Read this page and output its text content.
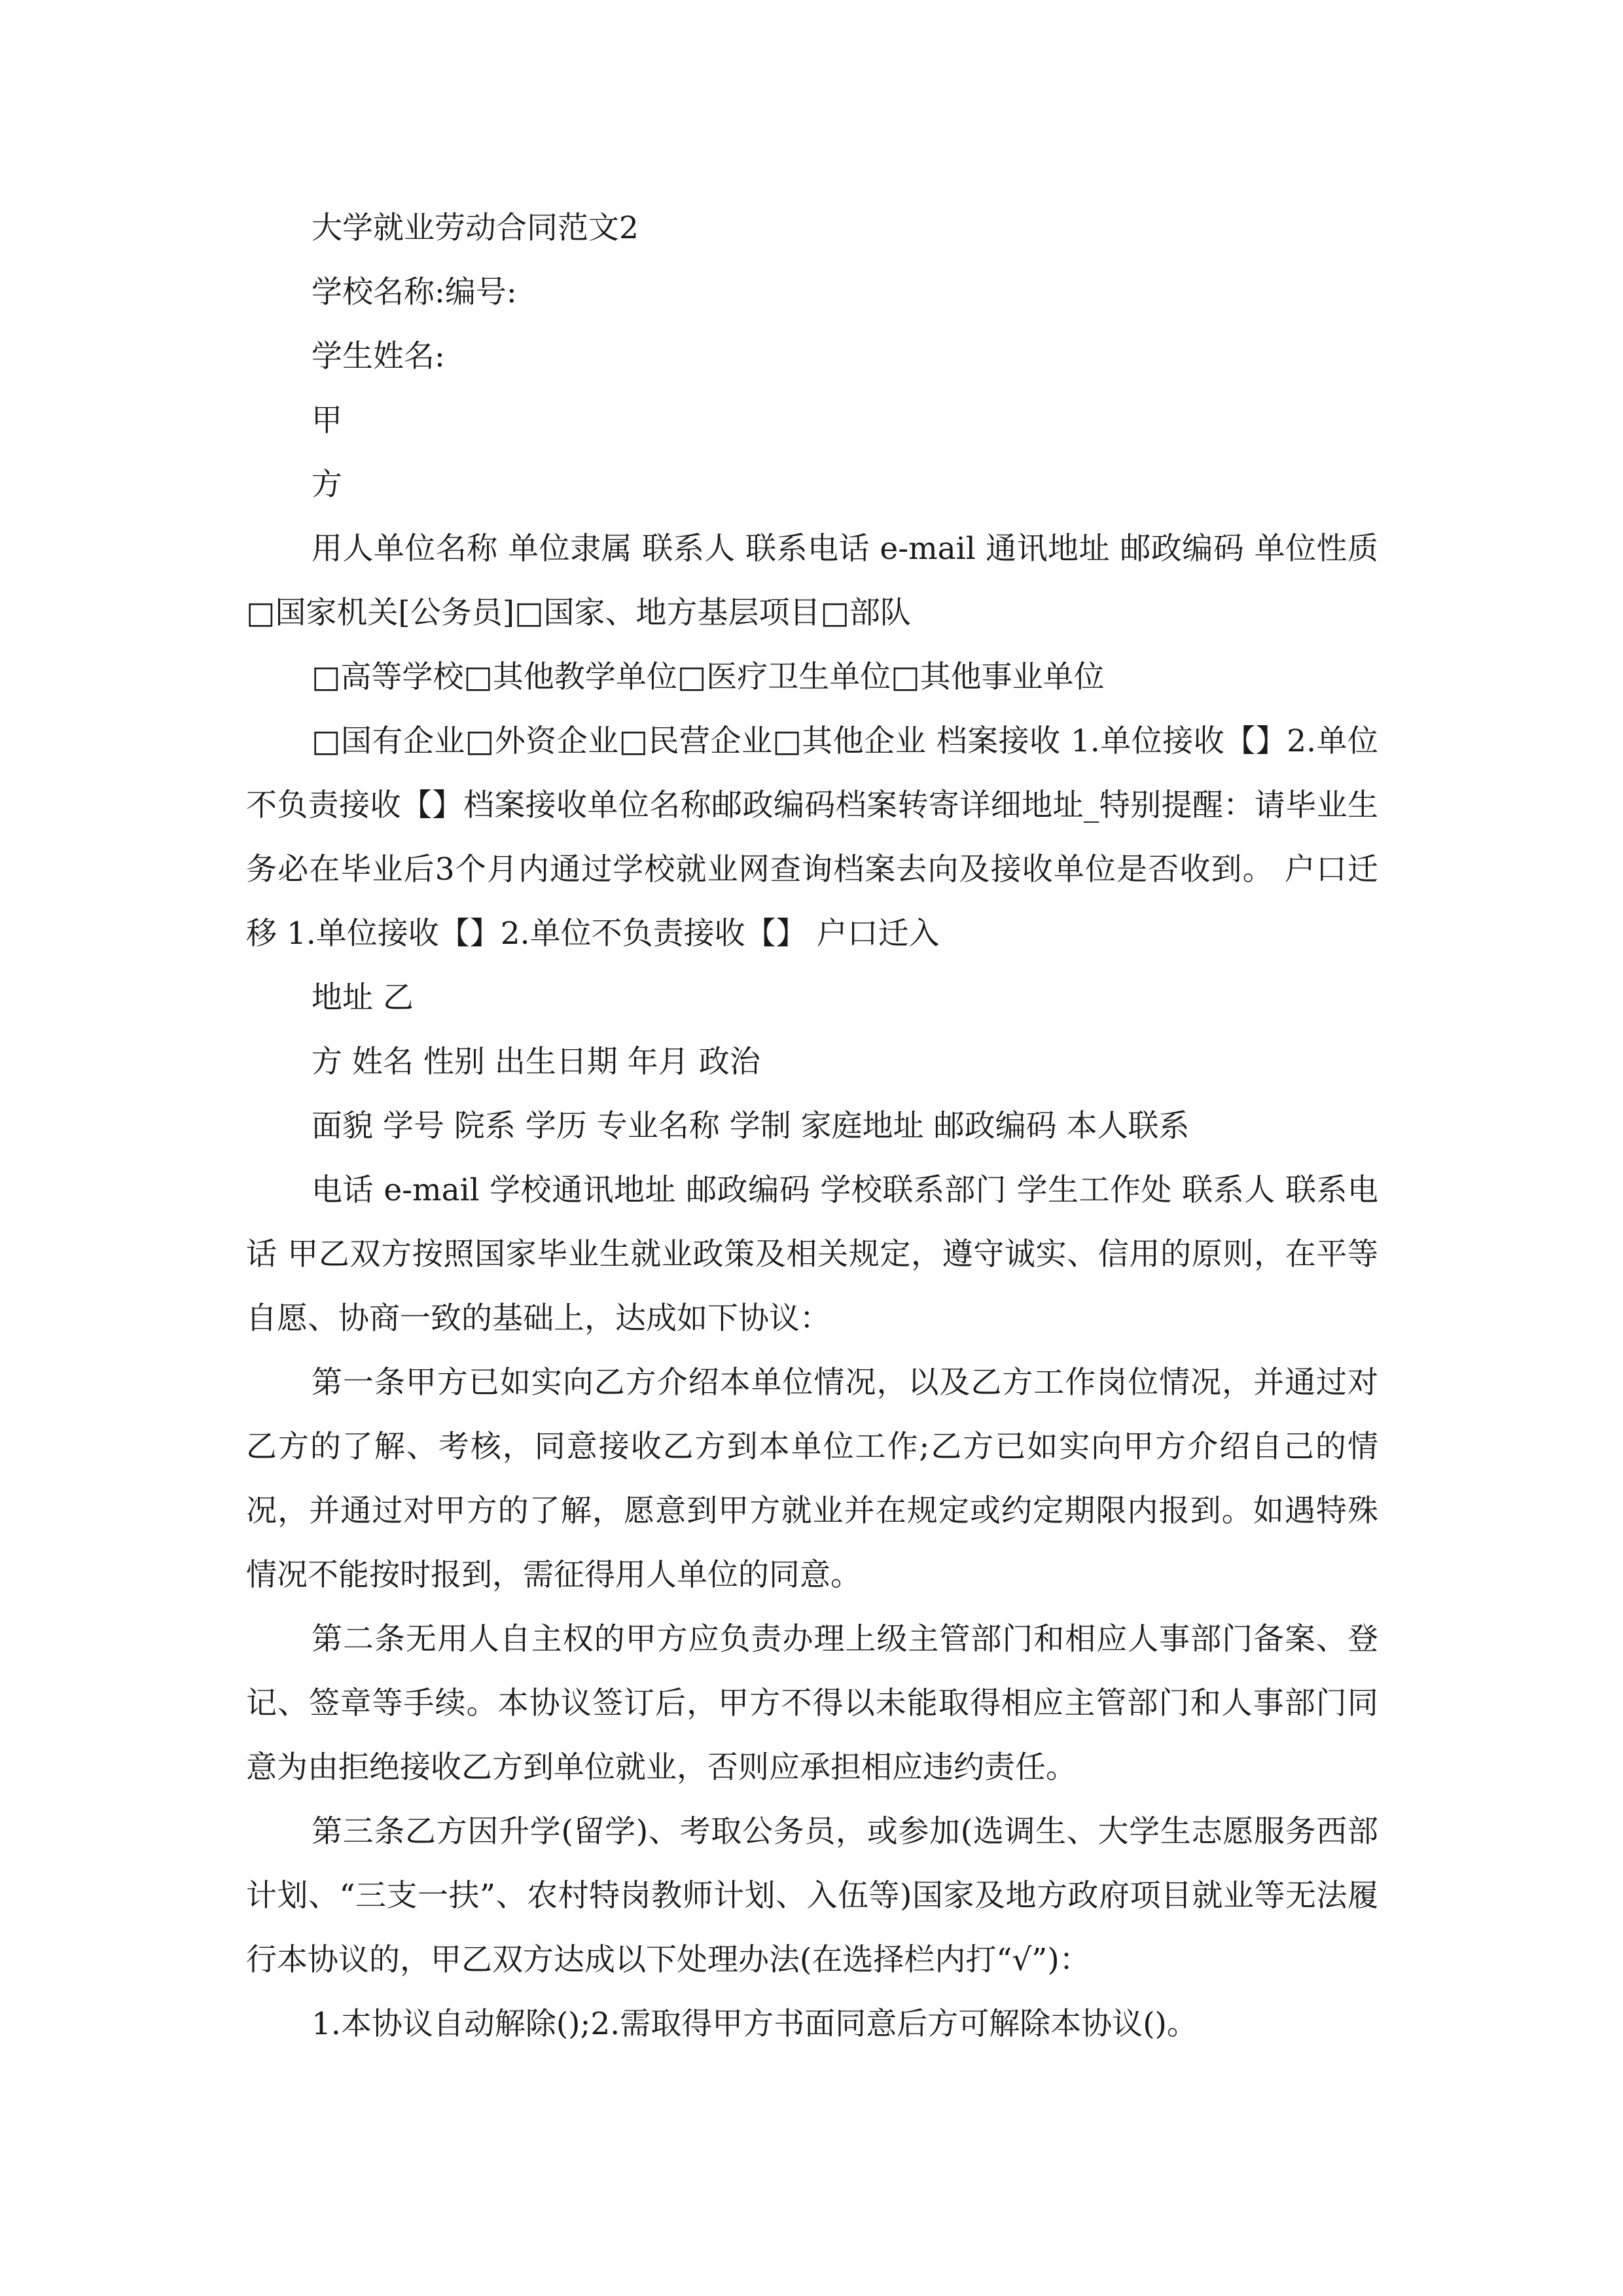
大学就业劳动合同范文2

学校名称:编号:

学生姓名:

甲

方

用人单位名称 单位隶属 联系人 联系电话 e-mail 通讯地址 邮政编码 单位性质 □国家机关[公务员]□国家、地方基层项目□部队

□高等学校□其他教学单位□医疗卫生单位□其他事业单位

□国有企业□外资企业□民营企业□其他企业 档案接收 1.单位接收【】2.单位不负责接收【】档案接收单位名称邮政编码档案转寄详细地址_特别提醒：请毕业生务必在毕业后3个月内通过学校就业网查询档案去向及接收单位是否收到。 户口迁移 1.单位接收【】2.单位不负责接收【】 户口迁入

地址 乙

方 姓名 性别 出生日期 年月 政治

面貌 学号 院系 学历 专业名称 学制 家庭地址 邮政编码 本人联系

电话 e-mail 学校通讯地址 邮政编码 学校联系部门 学生工作处 联系人 联系电话 甲乙双方按照国家毕业生就业政策及相关规定，遵守诚实、信用的原则，在平等自愿、协商一致的基础上，达成如下协议：

第一条甲方已如实向乙方介绍本单位情况，以及乙方工作岗位情况，并通过对乙方的了解、考核，同意接收乙方到本单位工作;乙方已如实向甲方介绍自己的情况，并通过对甲方的了解，愿意到甲方就业并在规定或约定期限内报到。如遇特殊情况不能按时报到，需征得用人单位的同意。

第二条无用人自主权的甲方应负责办理上级主管部门和相应人事部门备案、登记、签章等手续。本协议签订后，甲方不得以未能取得相应主管部门和人事部门同意为由拒绝接收乙方到单位就业，否则应承担相应违约责任。

第三条乙方因升学(留学)、考取公务员，或参加(选调生、大学生志愿服务西部计划、“三支一扶”、农村特岗教师计划、入伍等)国家及地方政府项目就业等无法履行本协议的，甲乙双方达成以下处理办法(在选择栏内打“√”)：

1.本协议自动解除();2.需取得甲方书面同意后方可解除本协议()。
